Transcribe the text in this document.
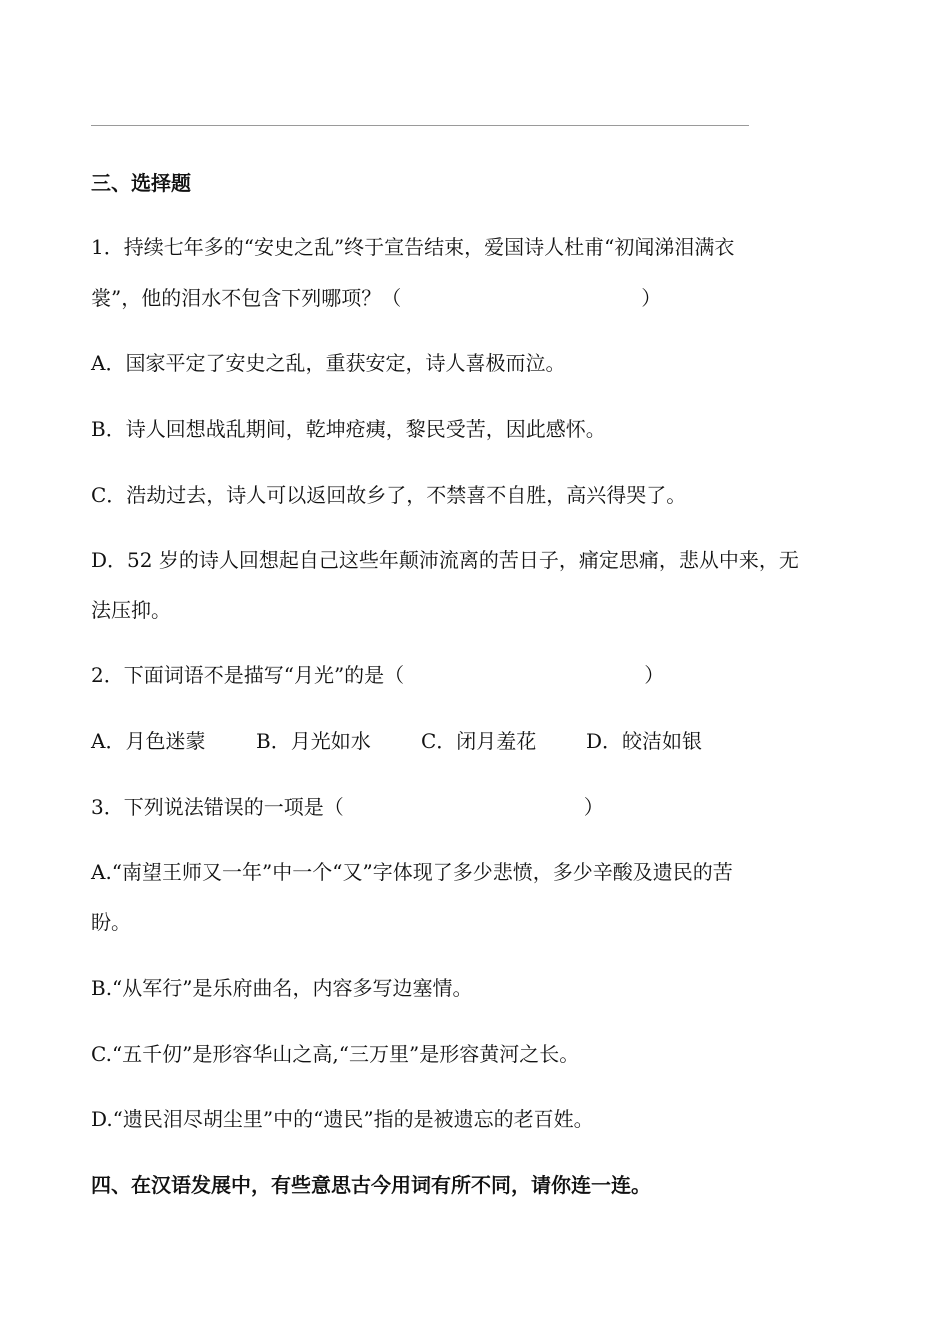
三、选择题
1．持续七年多的“安史之乱”终于宣告结束，爱国诗人杜甫“初闻涕泪满衣
裳”，他的泪水不包含下列哪项？（	）
A．国家平定了安史之乱，重获安定，诗人喜极而泣。
B．诗人回想战乱期间，乾坤疮痍，黎民受苦，因此感怀。
C．浩劫过去，诗人可以返回故乡了，不禁喜不自胜，高兴得哭了。
D．52 岁的诗人回想起自己这些年颠沛流离的苦日子，痛定思痛，悲从中来，无
法压抑。
2．下面词语不是描写“月光”的是（	）
A．月色迷蒙	B．月光如水	C．闭月羞花 D．皎洁如银
3．下列说法错误的一项是（	）
A.“南望王师又一年”中一个“又”字体现了多少悲愤，多少辛酸及遗民的苦
盼。
B.“从军行”是乐府曲名，内容多写边塞情。
C.“五千仞”是形容华山之高,“三万里”是形容黄河之长。
D.“遗民泪尽胡尘里”中的“遗民”指的是被遗忘的老百姓。
四、在汉语发展中，有些意思古今用词有所不同，请你连一连。
